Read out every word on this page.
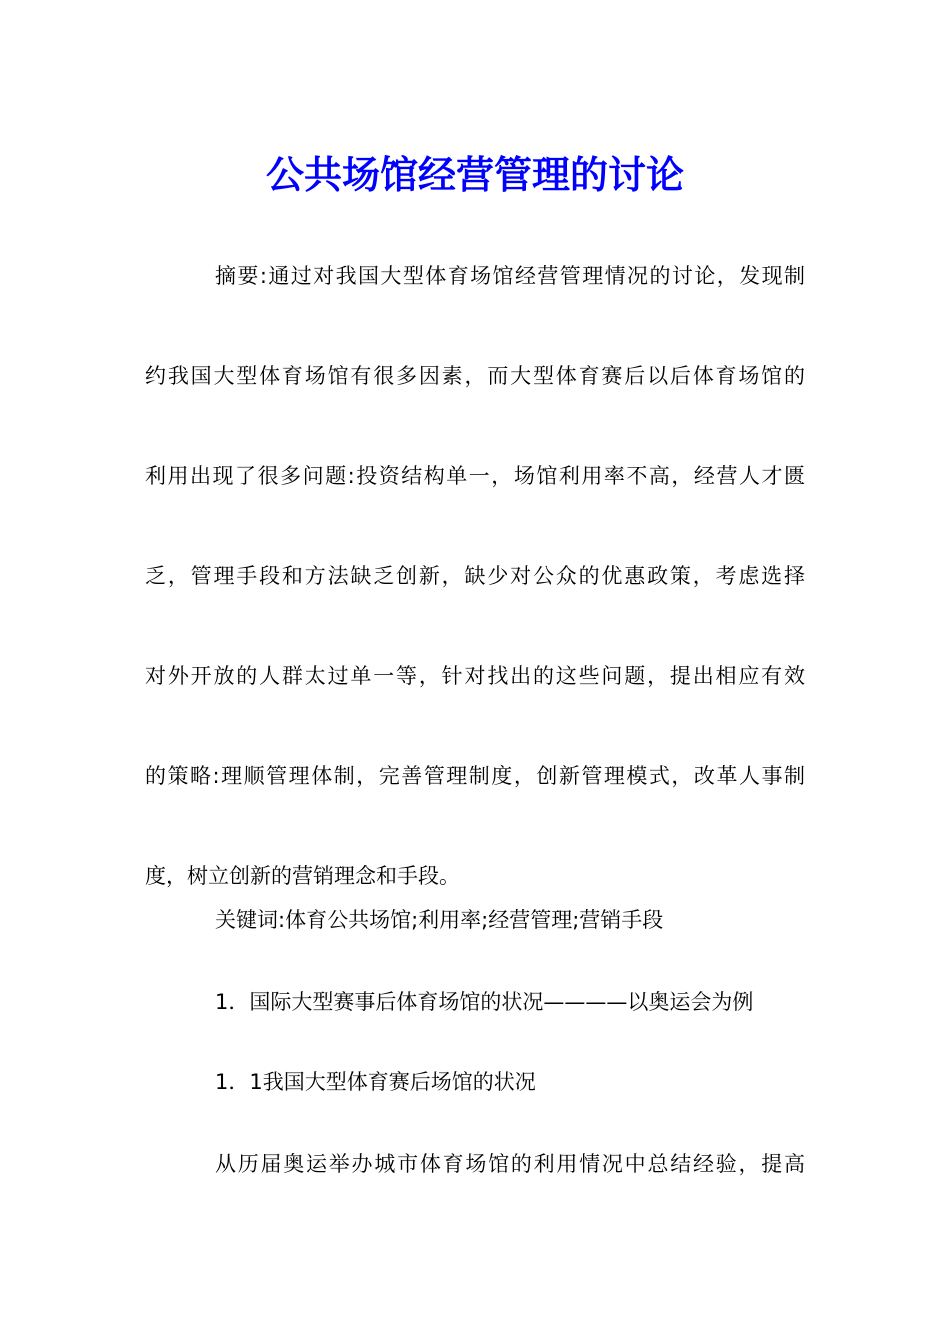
公共场馆经营管理的讨论
摘要:通过对我国大型体育场馆经营管理情况的讨论，发现制
约我国大型体育场馆有很多因素，而大型体育赛后以后体育场馆的
利用出现了很多问题:投资结构单一，场馆利用率不高，经营人才匮
乏，管理手段和方法缺乏创新，缺少对公众的优惠政策，考虑选择
对外开放的人群太过单一等，针对找出的这些问题，提出相应有效
的策略:理顺管理体制，完善管理制度，创新管理模式，改革人事制
度，树立创新的营销理念和手段。

关键词:体育公共场馆;利用率;经营管理;营销手段

1．国际大型赛事后体育场馆的状况————以奥运会为例

1．1我国大型体育赛后场馆的状况

从历届奥运举办城市体育场馆的利用情况中总结经验，提高
